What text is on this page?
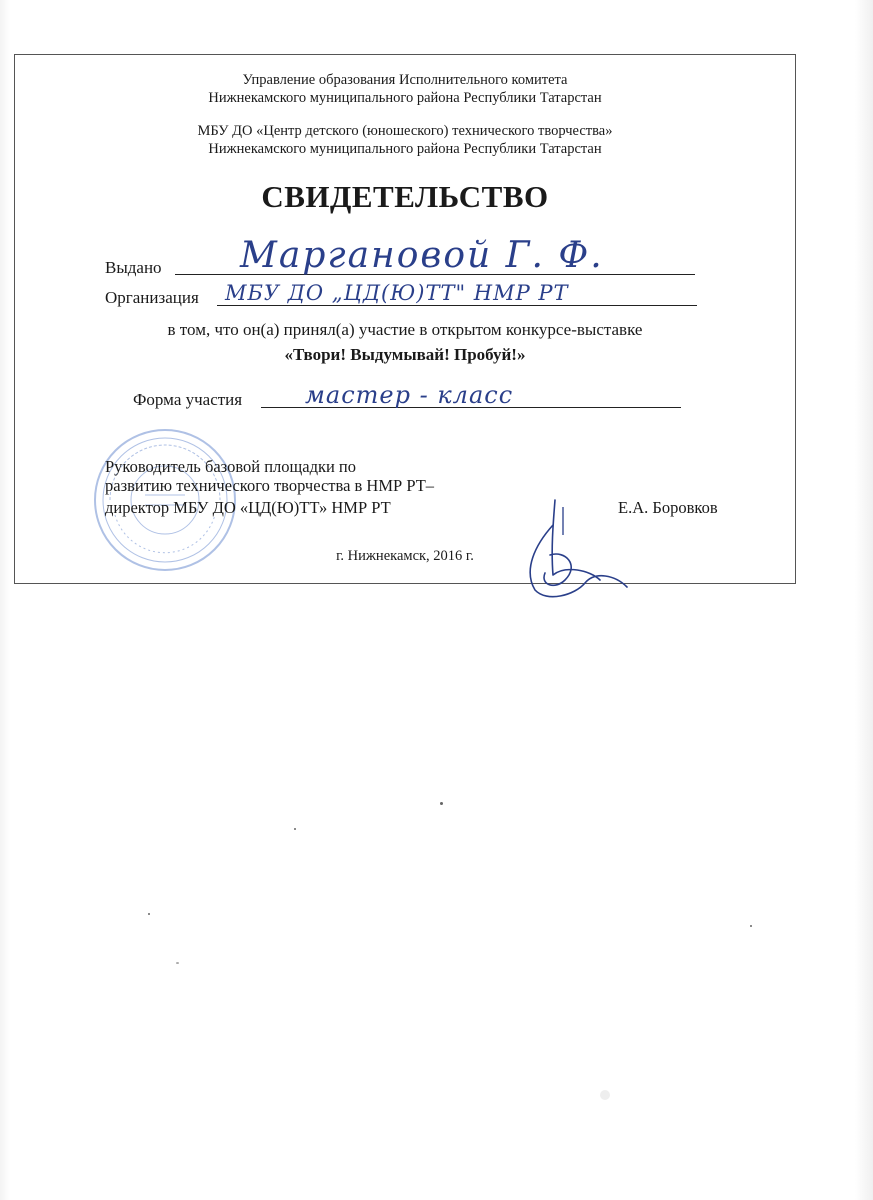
Управление образования Исполнительного комитета
Нижнекамского муниципального района Республики Татарстан
МБУ ДО «Центр детского (юношеского) технического творчества»
Нижнекамского муниципального района Республики Татарстан
СВИДЕТЕЛЬСТВО
Выдано Маргановой Г. Ф.
Организация МБУ ДО „ЦД(Ю)ТТ" НМР РТ
в том, что он(а) принял(а) участие в открытом конкурсе-выставке
«Твори! Выдумывай! Пробуй!»
Форма участия	мастер - класс
Руководитель базовой площадки по
развитию технического творчества в НМР РТ–
директор МБУ ДО «ЦД(Ю)ТТ» НМР РТ	Е.А. Боровков
г. Нижнекамск, 2016 г.
